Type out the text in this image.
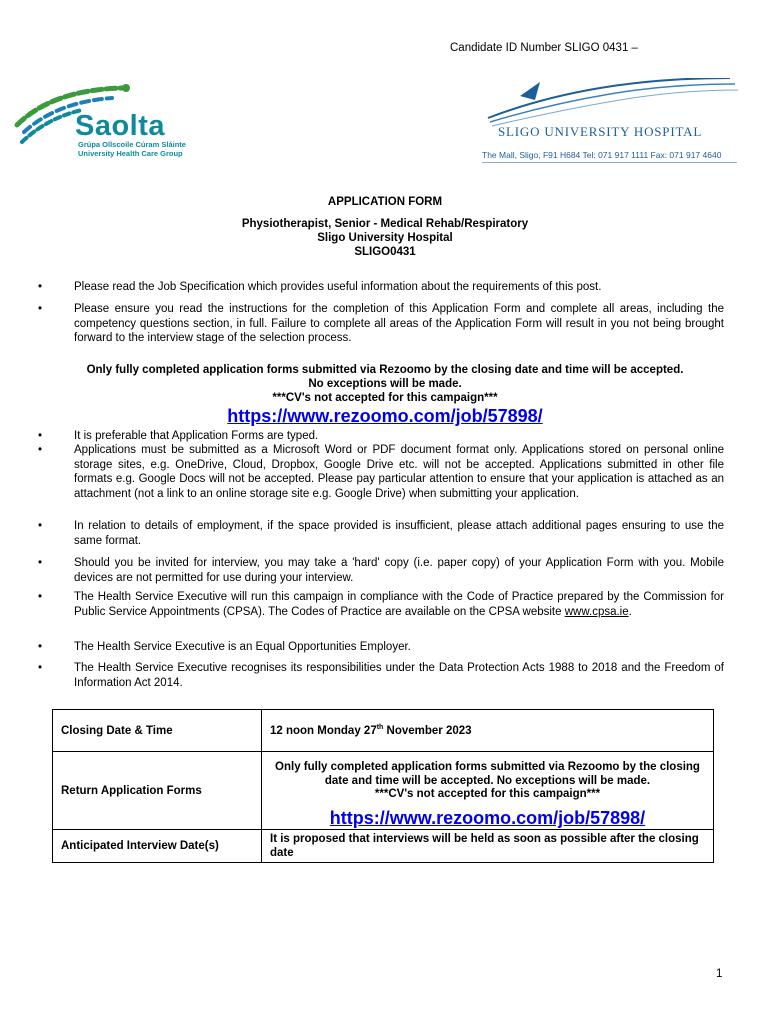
Candidate ID Number SLIGO 0431 –
Saolta
Grúpa Ollscoile Cúram Sláinte
University Health Care Group
SLIGO UNIVERSITY HOSPITAL
The Mall, Sligo, F91 H684 Tel: 071 917 1111 Fax: 071 917 4640
APPLICATION FORM
Physiotherapist, Senior - Medical Rehab/Respiratory
Sligo University Hospital
SLIGO0431
•	Please read the Job Specification which provides useful information about the requirements of this post.
•	Please ensure you read the instructions for the completion of this Application Form and complete all areas, including the competency questions section, in full. Failure to complete all areas of the Application Form will result in you not being brought forward to the interview stage of the selection process.
Only fully completed application forms submitted via Rezoomo by the closing date and time will be accepted.
No exceptions will be made.
***CV's not accepted for this campaign***
https://www.rezoomo.com/job/57898/
•	It is preferable that Application Forms are typed.
•	Applications must be submitted as a Microsoft Word or PDF document format only. Applications stored on personal online storage sites, e.g. OneDrive, Cloud, Dropbox, Google Drive etc. will not be accepted. Applications submitted in other file formats e.g. Google Docs will not be accepted. Please pay particular attention to ensure that your application is attached as an attachment (not a link to an online storage site e.g. Google Drive) when submitting your application.
•	In relation to details of employment, if the space provided is insufficient, please attach additional pages ensuring to use the same format.
•	Should you be invited for interview, you may take a 'hard' copy (i.e. paper copy) of your Application Form with you. Mobile devices are not permitted for use during your interview.
•	The Health Service Executive will run this campaign in compliance with the Code of Practice prepared by the Commission for Public Service Appointments (CPSA). The Codes of Practice are available on the CPSA website www.cpsa.ie.
•	The Health Service Executive is an Equal Opportunities Employer.
•	The Health Service Executive recognises its responsibilities under the Data Protection Acts 1988 to 2018 and the Freedom of Information Act 2014.
Closing Date & Time	12 noon Monday 27th November 2023
Return Application Forms	Only fully completed application forms submitted via Rezoomo by the closing date and time will be accepted. No exceptions will be made.
***CV's not accepted for this campaign***
https://www.rezoomo.com/job/57898/

Anticipated Interview Date(s)	It is proposed that interviews will be held as soon as possible after the closing date
1
